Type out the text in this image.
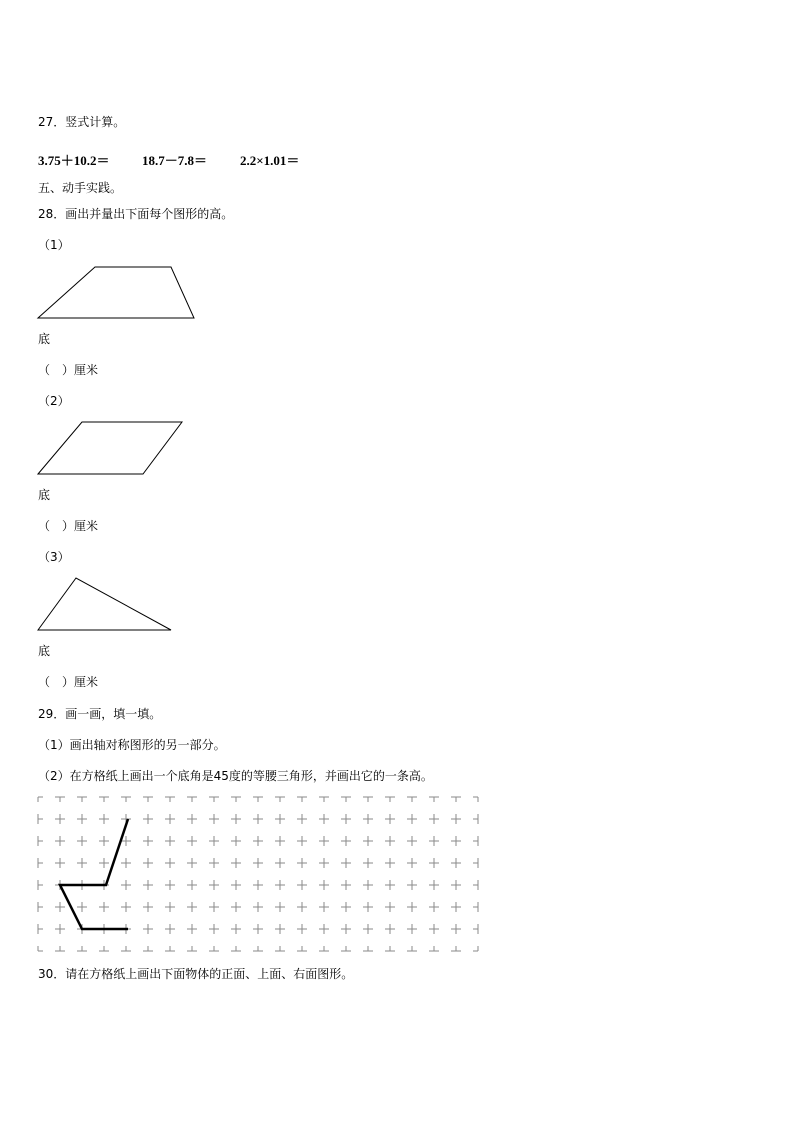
27．竖式计算。
3.75＋10.2＝ 18.7－7.8＝	2.2×1.01＝
五、动手实践。
28．画出并量出下面每个图形的高。
（1）
底
（　）厘米
（2）
底
（　）厘米
（3）
底
（　）厘米
29．画一画，填一填。
（1）画出轴对称图形的另一部分。
（2）在方格纸上画出一个底角是45度的等腰三角形，并画出它的一条高。
30．请在方格纸上画出下面物体的正面、上面、右面图形。
